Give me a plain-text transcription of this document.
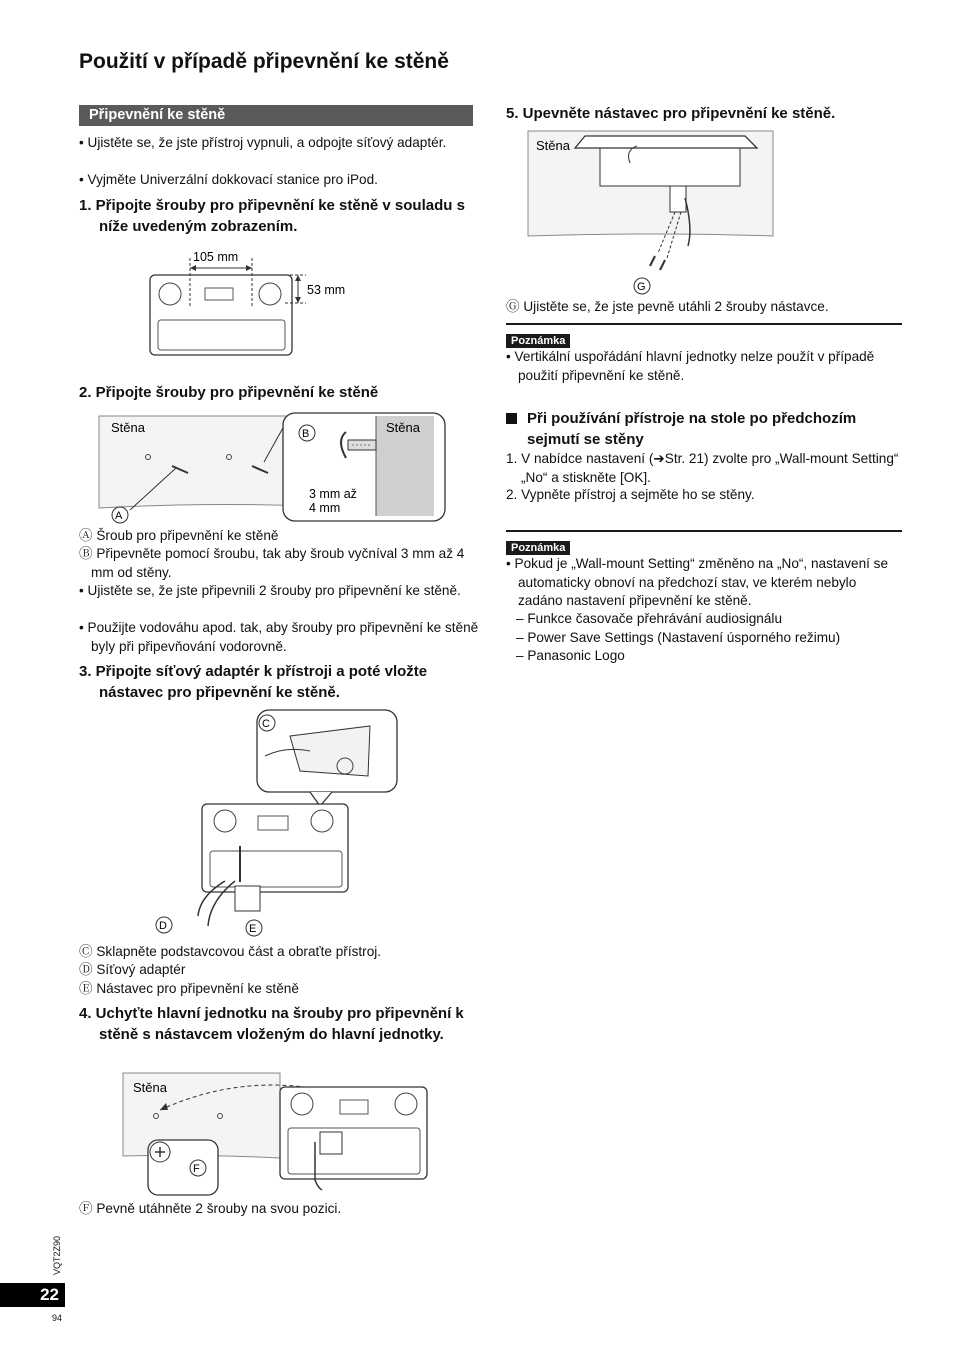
Použití v případě připevnění ke stěně
Připevnění ke stěně
• Ujistěte se, že jste přístroj vypnuli, a odpojte síťový adaptér.
• Vyjměte Univerzální dokkovací stanice pro iPod.
1. Připojte šrouby pro připevnění ke stěně v souladu s níže uvedeným zobrazením.
105 mm
53 mm
2. Připojte šrouby pro připevnění ke stěně
Stěna	Stěna
B
A
3 mm až
4 mm
Ⓐ Šroub pro připevnění ke stěně
Ⓑ Připevněte pomocí šroubu, tak aby šroub vyčníval 3 mm až 4 mm od stěny.
• Ujistěte se, že jste připevnili 2 šrouby pro připevnění ke stěně.
• Použijte vodováhu apod. tak, aby šrouby pro připevnění ke stěně byly při připevňování vodorovně.
3. Připojte síťový adaptér k přístroji a poté vložte nástavec pro připevnění ke stěně.
C
D	E
Ⓒ Sklapněte podstavcovou část a obraťte přístroj.
Ⓓ Síťový adaptér
Ⓔ Nástavec pro připevnění ke stěně
4. Uchyťte hlavní jednotku na šrouby pro připevnění k stěně s nástavcem vloženým do hlavní jednotky.
F
Stěna
Ⓕ Pevně utáhněte 2 šrouby na svou pozici.
5. Upevněte nástavec pro připevnění ke stěně.
Stěna
G
Ⓖ Ujistěte se, že jste pevně utáhli 2 šrouby nástavce.
Poznámka
• Vertikální uspořádání hlavní jednotky nelze použít v případě použití připevnění ke stěně.
Při používání přístroje na stole po předchozím sejmutí se stěny
1. V nabídce nastavení (➔Str. 21) zvolte pro „Wall-mount Setting“ „No“ a stiskněte [OK].
2. Vypněte přístroj a sejměte ho se stěny.
Poznámka
• Pokud je „Wall-mount Setting“ změněno na „No“, nastavení se automaticky obnoví na předchozí stav, ve kterém nebylo zadáno nastavení připevnění ke stěně.
– Funkce časovače přehrávání audiosignálu
– Power Save Settings (Nastavení úsporného režimu)
– Panasonic Logo
VQT2Z90
22
94
